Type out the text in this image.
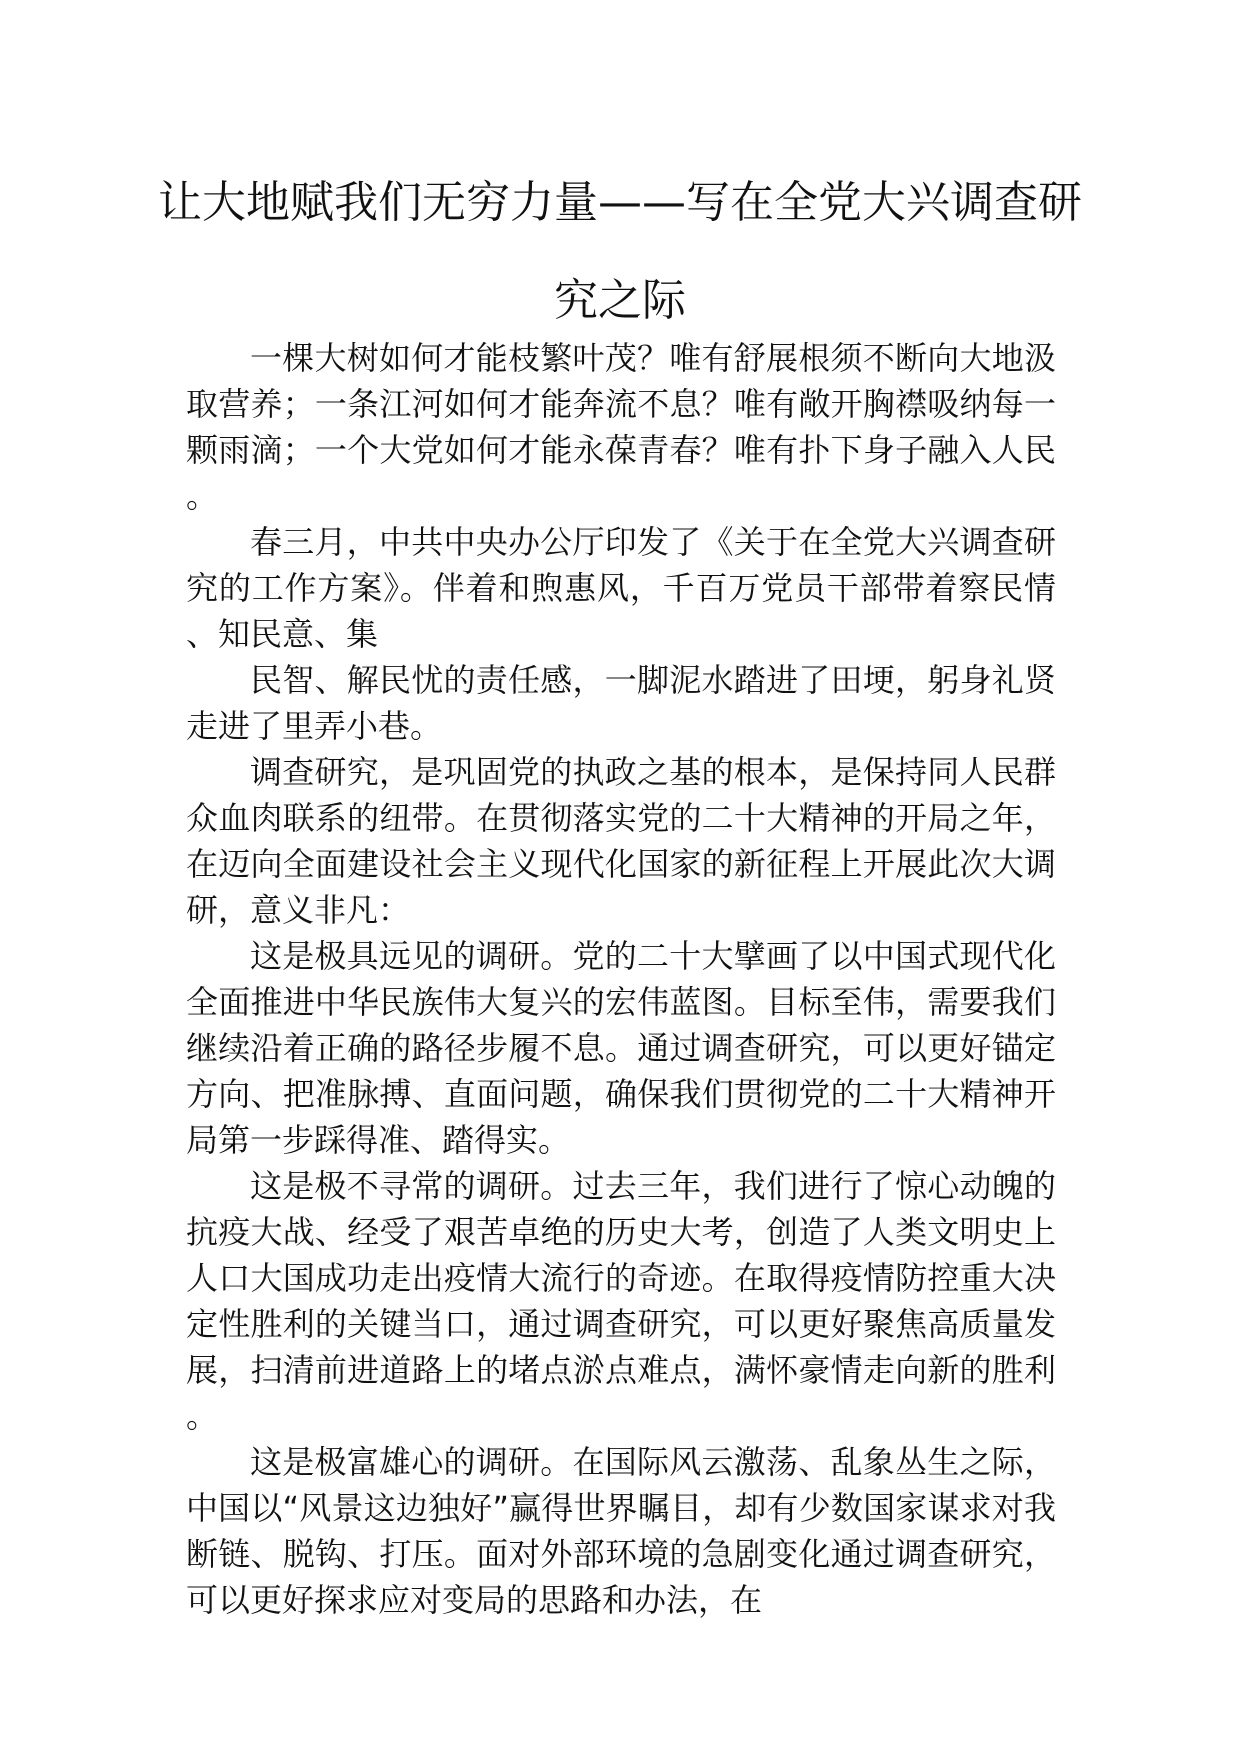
让大地赋我们无穷力量——写在全党大兴调查研究之际

一棵大树如何才能枝繁叶茂？唯有舒展根须不断向大地汲取营养；一条江河如何才能奔流不息？唯有敞开胸襟吸纳每一颗雨滴；一个大党如何才能永葆青春？唯有扑下身子融入人民。

春三月，中共中央办公厅印发了《关于在全党大兴调查研究的工作方案》。伴着和煦惠风，千百万党员干部带着察民情、知民意、集

民智、解民忧的责任感，一脚泥水踏进了田埂，躬身礼贤走进了里弄小巷。

调查研究，是巩固党的执政之基的根本，是保持同人民群众血肉联系的纽带。在贯彻落实党的二十大精神的开局之年，在迈向全面建设社会主义现代化国家的新征程上开展此次大调研，意义非凡：

这是极具远见的调研。党的二十大擘画了以中国式现代化全面推进中华民族伟大复兴的宏伟蓝图。目标至伟，需要我们继续沿着正确的路径步履不息。通过调查研究，可以更好锚定方向、把准脉搏、直面问题，确保我们贯彻党的二十大精神开局第一步踩得准、踏得实。

这是极不寻常的调研。过去三年，我们进行了惊心动魄的抗疫大战、经受了艰苦卓绝的历史大考，创造了人类文明史上人口大国成功走出疫情大流行的奇迹。在取得疫情防控重大决定性胜利的关键当口，通过调查研究，可以更好聚焦高质量发展，扫清前进道路上的堵点淤点难点，满怀豪情走向新的胜利。

这是极富雄心的调研。在国际风云激荡、乱象丛生之际，中国以“风景这边独好”赢得世界瞩目，却有少数国家谋求对我断链、脱钩、打压。面对外部环境的急剧变化通过调查研究，可以更好探求应对变局的思路和办法，在
